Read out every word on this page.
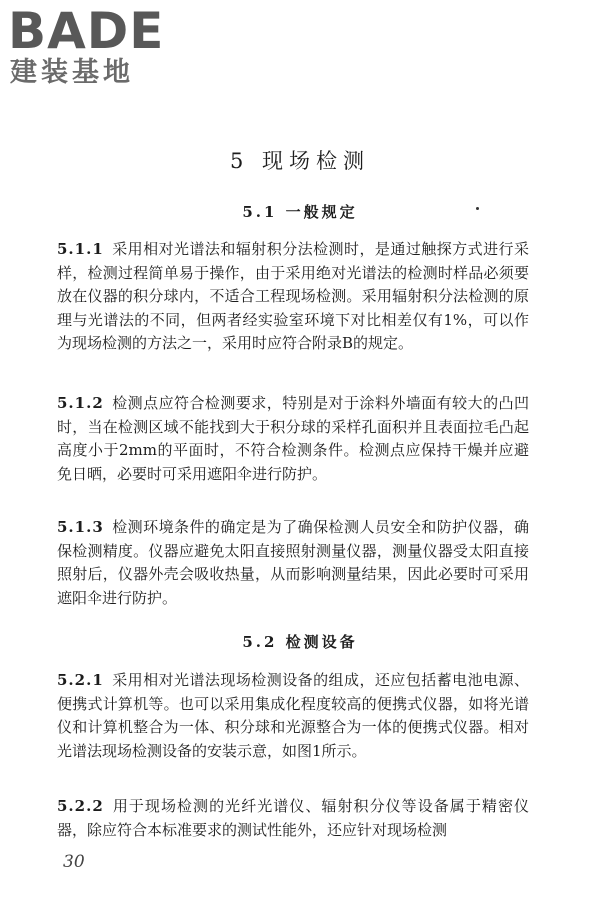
BADE
建装基地
5 现场检测
5.1 一般规定

5.1.1 采用相对光谱法和辐射积分法检测时，是通过触探方式进行采样，检测过程简单易于操作，由于采用绝对光谱法的检测时样品必须要放在仪器的积分球内，不适合工程现场检测。采用辐射积分法检测的原理与光谱法的不同，但两者经实验室环境下对比相差仅有1%，可以作为现场检测的方法之一，采用时应符合附录B的规定。

5.1.2 检测点应符合检测要求，特别是对于涂料外墙面有较大的凸凹时，当在检测区域不能找到大于积分球的采样孔面积并且表面拉毛凸起高度小于2mm的平面时，不符合检测条件。检测点应保持干燥并应避免日晒，必要时可采用遮阳伞进行防护。

5.1.3 检测环境条件的确定是为了确保检测人员安全和防护仪器，确保检测精度。仪器应避免太阳直接照射测量仪器，测量仪器受太阳直接照射后，仪器外壳会吸收热量，从而影响测量结果，因此必要时可采用遮阳伞进行防护。

5.2 检测设备

5.2.1 采用相对光谱法现场检测设备的组成，还应包括蓄电池电源、便携式计算机等。也可以采用集成化程度较高的便携式仪器，如将光谱仪和计算机整合为一体、积分球和光源整合为一体的便携式仪器。相对光谱法现场检测设备的安装示意，如图1所示。

5.2.2 用于现场检测的光纤光谱仪、辐射积分仪等设备属于精密仪器，除应符合本标准要求的测试性能外，还应针对现场检测

30
